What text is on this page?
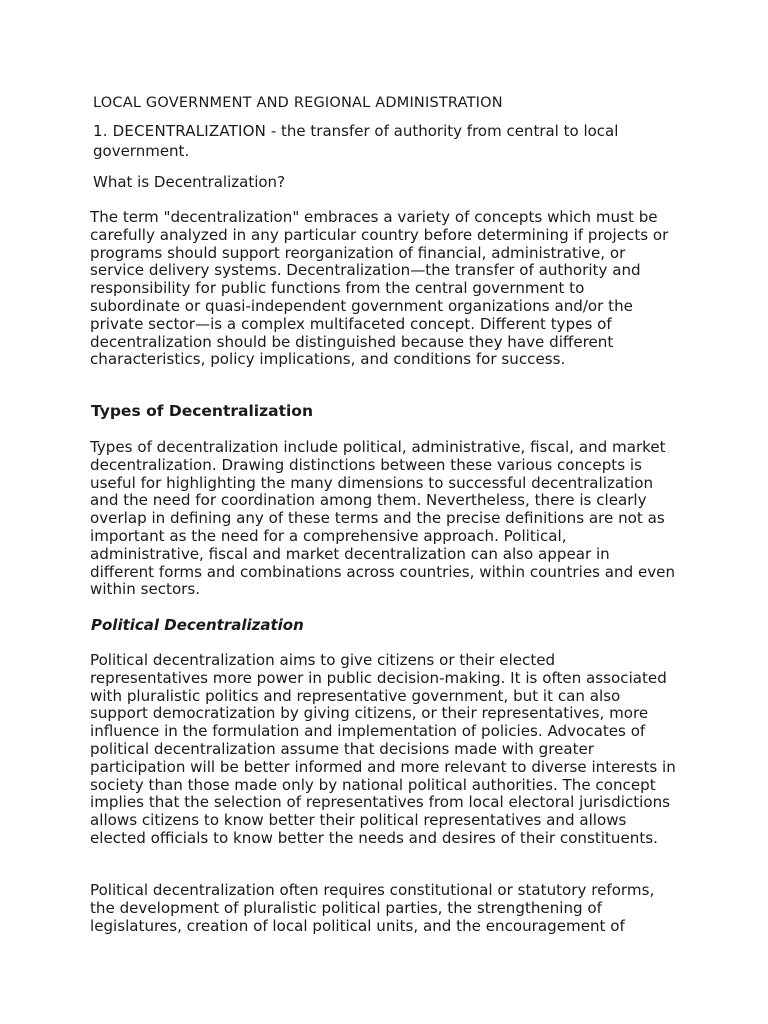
LOCAL GOVERNMENT AND REGIONAL ADMINISTRATION

1. DECENTRALIZATION - the transfer of authority from central to local government.

What is Decentralization?

The term "decentralization" embraces a variety of concepts which must be carefully analyzed in any particular country before determining if projects or programs should support reorganization of financial, administrative, or service delivery systems. Decentralization—the transfer of authority and responsibility for public functions from the central government to subordinate or quasi-independent government organizations and/or the private sector—is a complex multifaceted concept. Different types of decentralization should be distinguished because they have different characteristics, policy implications, and conditions for success.

Types of Decentralization

Types of decentralization include political, administrative, fiscal, and market decentralization. Drawing distinctions between these various concepts is useful for highlighting the many dimensions to successful decentralization and the need for coordination among them. Nevertheless, there is clearly overlap in defining any of these terms and the precise definitions are not as important as the need for a comprehensive approach. Political, administrative, fiscal and market decentralization can also appear in different forms and combinations across countries, within countries and even within sectors.

Political Decentralization

Political decentralization aims to give citizens or their elected representatives more power in public decision-making. It is often associated with pluralistic politics and representative government, but it can also support democratization by giving citizens, or their representatives, more influence in the formulation and implementation of policies. Advocates of political decentralization assume that decisions made with greater participation will be better informed and more relevant to diverse interests in society than those made only by national political authorities. The concept implies that the selection of representatives from local electoral jurisdictions allows citizens to know better their political representatives and allows elected officials to know better the needs and desires of their constituents.

Political decentralization often requires constitutional or statutory reforms, the development of pluralistic political parties, the strengthening of legislatures, creation of local political units, and the encouragement of
